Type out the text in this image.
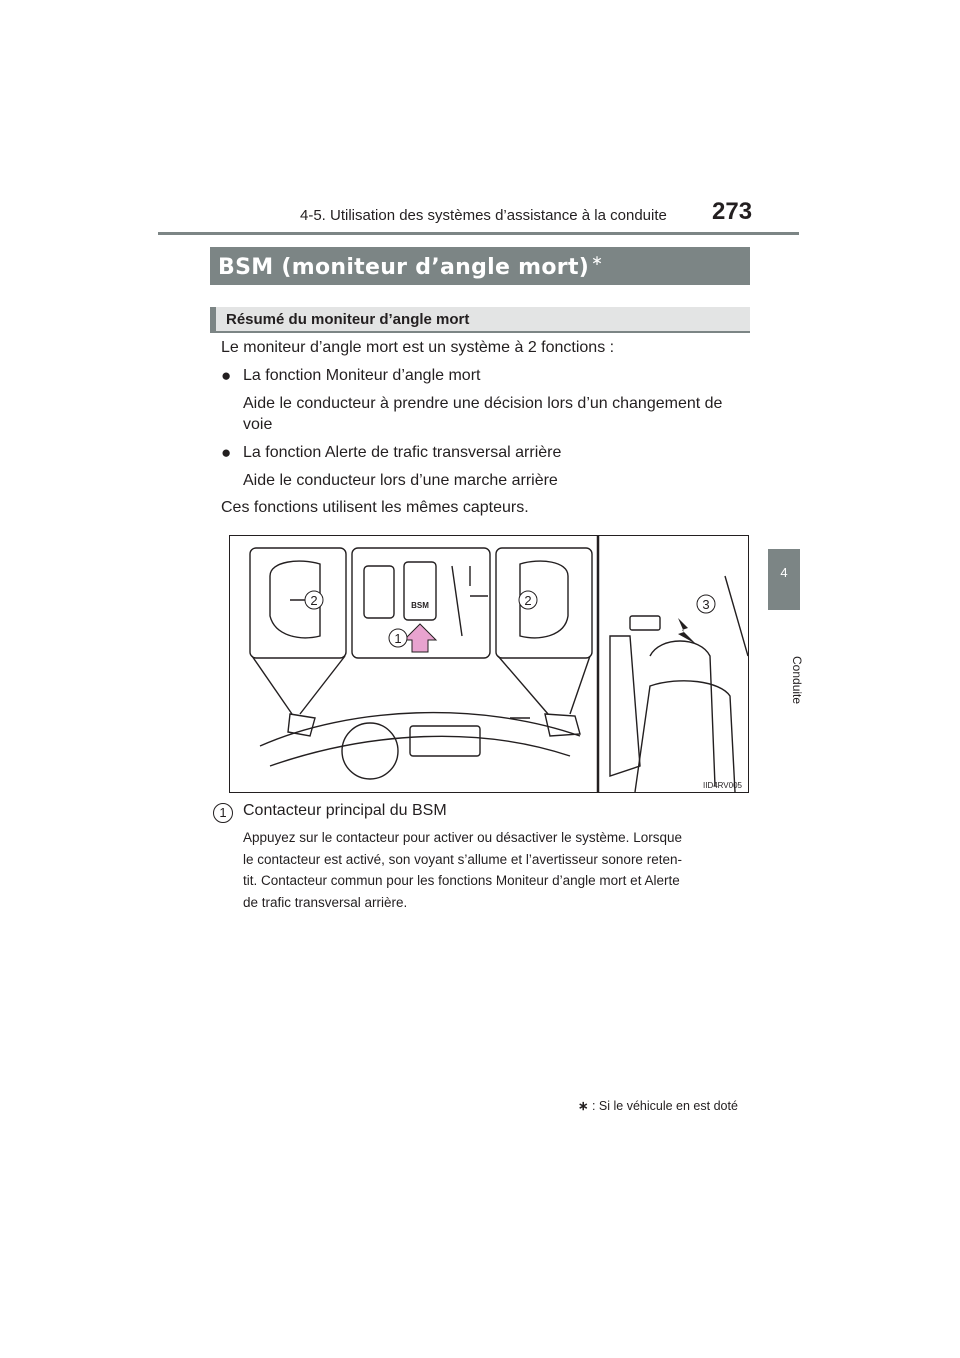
4-5. Utilisation des systèmes d’assistance à la conduite 273
4
Conduite
BSM (moniteur d’angle mort) ∗
Résumé du moniteur d’angle mort
Le moniteur d’angle mort est un système à 2 fonctions :
● La fonction Moniteur d’angle mort
Aide le conducteur à prendre une décision lors d’un changement de
voie
● La fonction Alerte de trafic transversal arrière
Aide le conducteur lors d’une marche arrière
Ces fonctions utilisent les mêmes capteurs.
BSM
2
1
2	3
IID4RV005
1	Contacteur principal du BSM
Appuyez sur le contacteur pour activer ou désactiver le système. Lorsque
le contacteur est activé, son voyant s’allume et l’avertisseur sonore reten-
tit. Contacteur commun pour les fonctions Moniteur d’angle mort et Alerte
de trafic transversal arrière.
∗ : Si le véhicule en est doté
